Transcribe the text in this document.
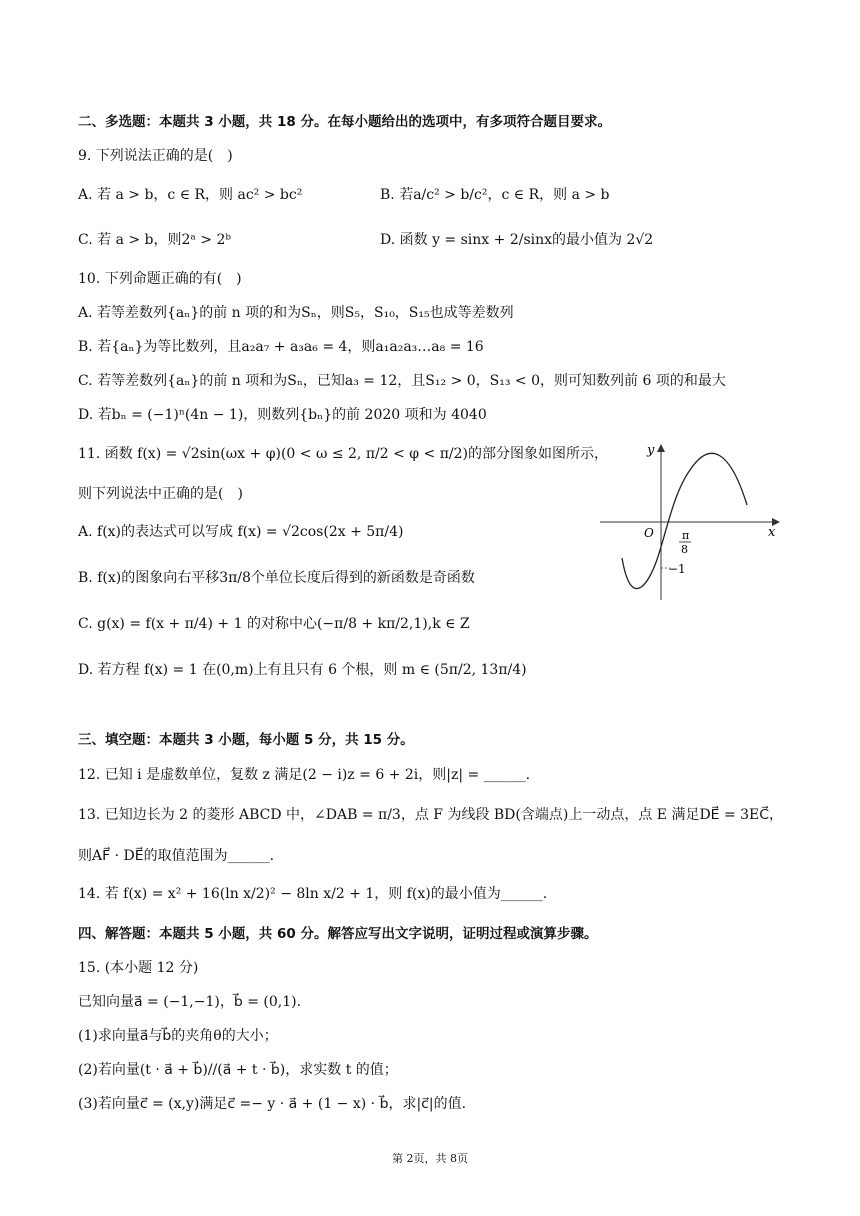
二、多选题：本题共 3 小题，共 18 分。在每小题给出的选项中，有多项符合题目要求。
9. 下列说法正确的是(　)
A. 若 a > b，c ∈ R，则 ac² > bc²	B. 若a/c² > b/c²，c ∈ R，则 a > b
C. 若 a > b，则2ᵃ > 2ᵇ	D. 函数 y = sinx + 2/sinx的最小值为 2√2
10. 下列命题正确的有(　)
A. 若等差数列{aₙ}的前 n 项的和为Sₙ，则S₅，S₁₀，S₁₅也成等差数列
B. 若{aₙ}为等比数列，且a₂a₇ + a₃a₆ = 4，则a₁a₂a₃…a₈ = 16
C. 若等差数列{aₙ}的前 n 项和为Sₙ，已知a₃ = 12，且S₁₂ > 0，S₁₃ < 0，则可知数列前 6 项的和最大
D. 若bₙ = (−1)ⁿ(4n − 1)，则数列{bₙ}的前 2020 项和为 4040
11. 函数 f(x) = √2sin(ωx + φ)(0 < ω ≤ 2, π/2 < φ < π/2)的部分图象如图所示，
则下列说法中正确的是(　)
A. f(x)的表达式可以写成 f(x) = √2cos(2x + 5π/4)
B. f(x)的图象向右平移3π/8个单位长度后得到的新函数是奇函数
C. g(x) = f(x + π/4) + 1 的对称中心(−π/8 + kπ/2,1),k ∈ Z
D. 若方程 f(x) = 1 在(0,m)上有且只有 6 个根，则 m ∈ (5π/2, 13π/4)
y
x
O	π
8
−1
三、填空题：本题共 3 小题，每小题 5 分，共 15 分。
12. 已知 i 是虚数单位，复数 z 满足(2 − i)z = 6 + 2i，则|z| = ______.
13. 已知边长为 2 的菱形 ABCD 中，∠DAB = π/3，点 F 为线段 BD(含端点)上一动点，点 E 满足DE⃗ = 3EC⃗，
则AF⃗ · DE⃗的取值范围为______.
14. 若 f(x) = x² + 16(ln x/2)² − 8ln x/2 + 1，则 f(x)的最小值为______.
四、解答题：本题共 5 小题，共 60 分。解答应写出文字说明，证明过程或演算步骤。
15. (本小题 12 分)
已知向量a⃗ = (−1,−1)，b⃗ = (0,1).
(1)求向量a⃗与b⃗的夹角θ的大小；
(2)若向量(t · a⃗ + b⃗)//(a⃗ + t · b⃗)，求实数 t 的值；
(3)若向量c⃗ = (x,y)满足c⃗ =− y · a⃗ + (1 − x) · b⃗，求|c⃗|的值.
第 2页，共 8页
